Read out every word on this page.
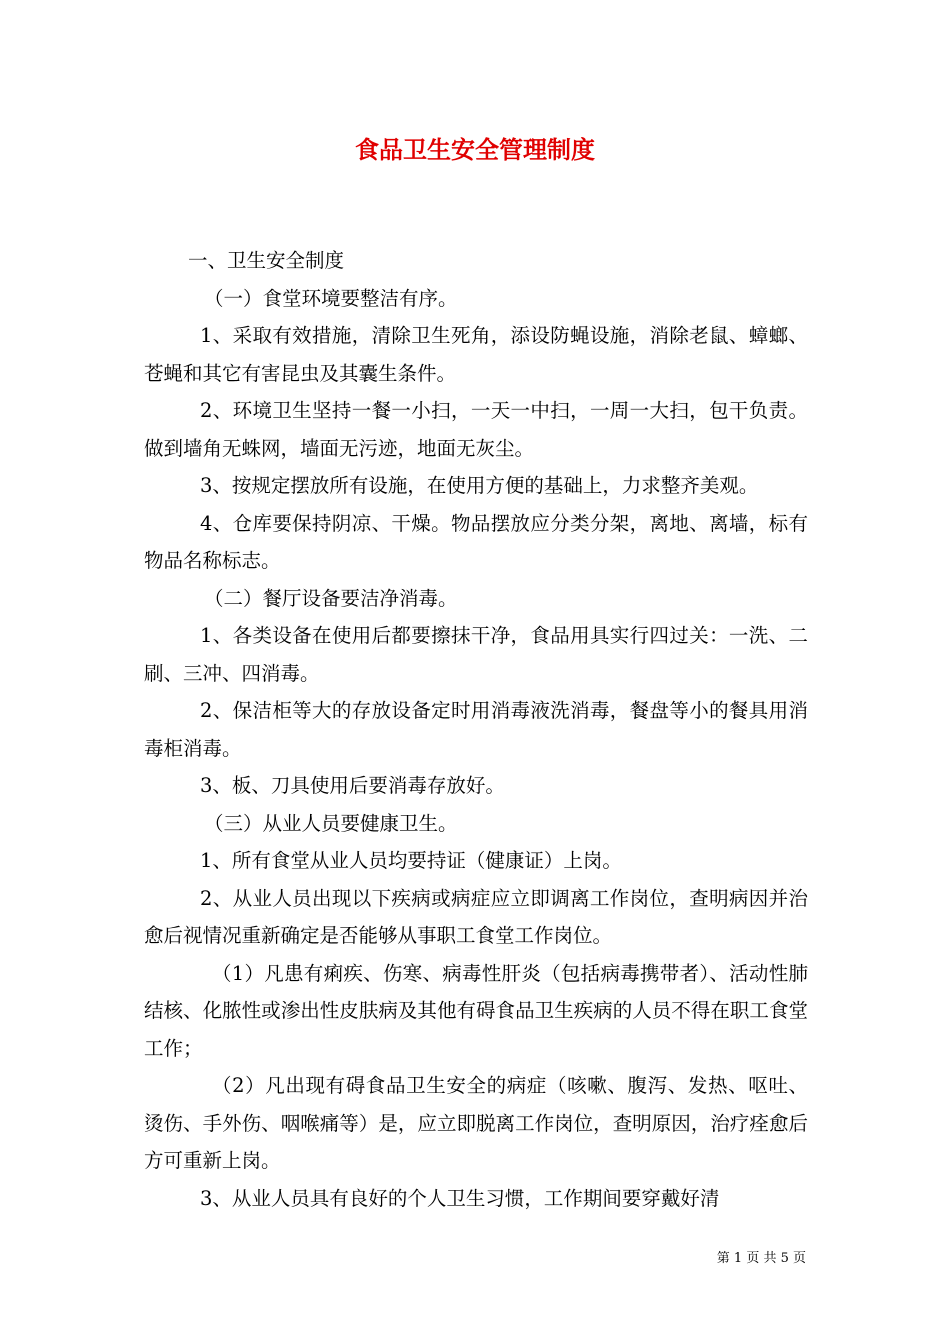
食品卫生安全管理制度

一、卫生安全制度

（一）食堂环境要整洁有序。

1、采取有效措施，清除卫生死角，添设防蝇设施，消除老鼠、蟑螂、苍蝇和其它有害昆虫及其囊生条件。

2、环境卫生坚持一餐一小扫，一天一中扫，一周一大扫，包干负责。做到墙角无蛛网，墙面无污迹，地面无灰尘。

3、按规定摆放所有设施，在使用方便的基础上，力求整齐美观。

4、仓库要保持阴凉、干燥。物品摆放应分类分架，离地、离墙，标有物品名称标志。

（二）餐厅设备要洁净消毒。

1、各类设备在使用后都要擦抹干净，食品用具实行四过关：一洗、二刷、三冲、四消毒。

2、保洁柜等大的存放设备定时用消毒液洗消毒，餐盘等小的餐具用消毒柜消毒。

3、板、刀具使用后要消毒存放好。

（三）从业人员要健康卫生。

1、所有食堂从业人员均要持证（健康证）上岗。

2、从业人员出现以下疾病或病症应立即调离工作岗位，查明病因并治愈后视情况重新确定是否能够从事职工食堂工作岗位。

（1）凡患有痢疾、伤寒、病毒性肝炎（包括病毒携带者）、活动性肺结核、化脓性或渗出性皮肤病及其他有碍食品卫生疾病的人员不得在职工食堂工作；

（2）凡出现有碍食品卫生安全的病症（咳嗽、腹泻、发热、呕吐、烫伤、手外伤、咽喉痛等）是，应立即脱离工作岗位，查明原因，治疗痊愈后方可重新上岗。

3、从业人员具有良好的个人卫生习惯，工作期间要穿戴好清

第 1 页 共 5 页
